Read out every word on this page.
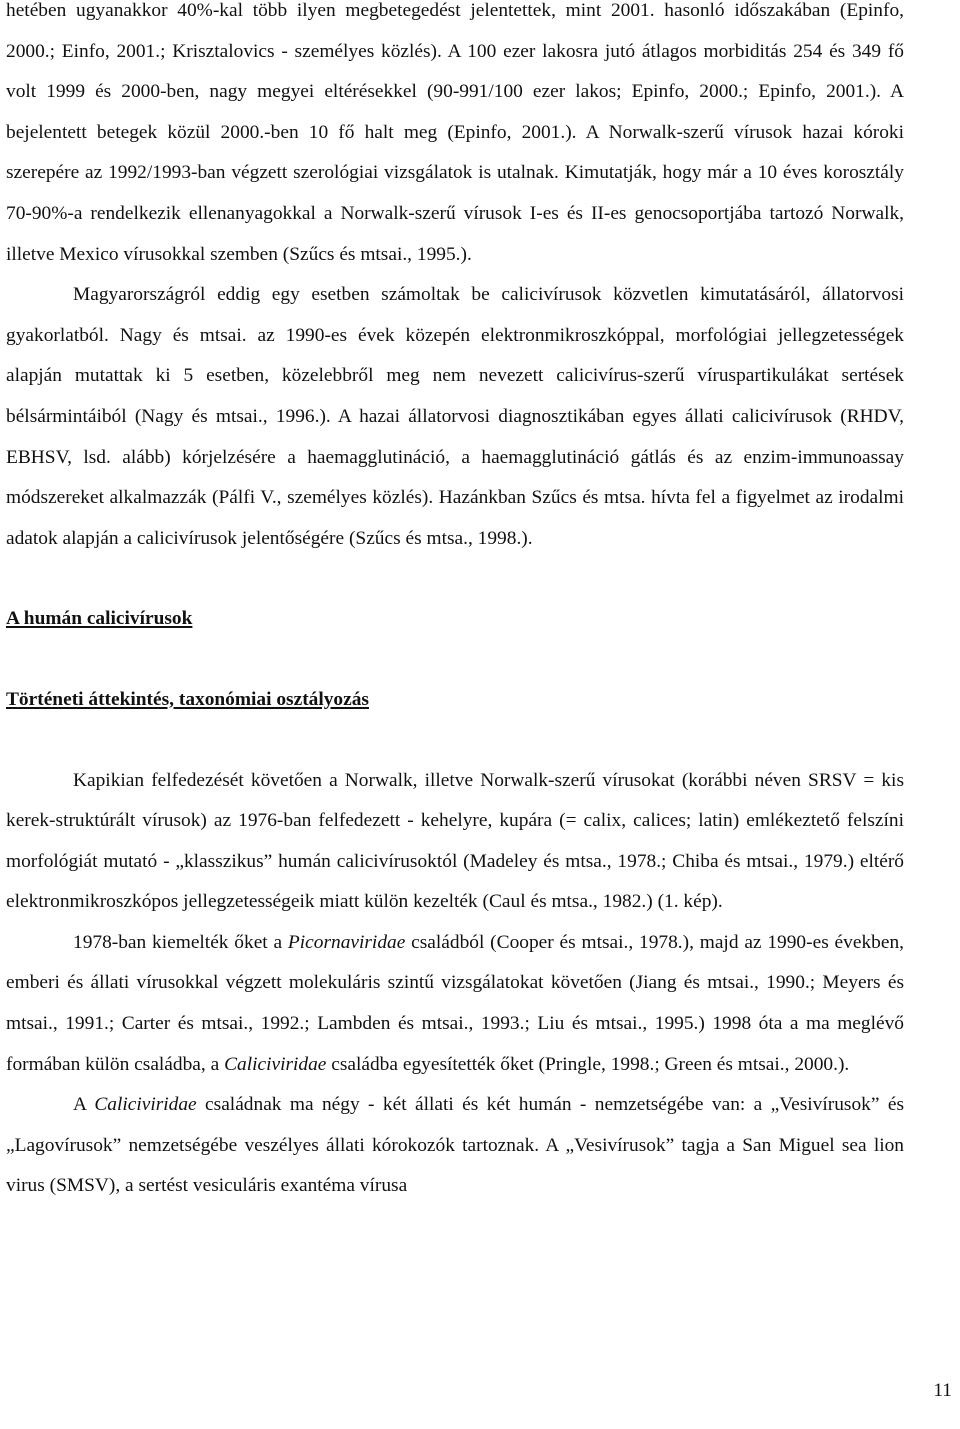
hetében ugyanakkor 40%-kal több ilyen megbetegedést jelentettek, mint 2001. hasonló időszakában (Epinfo, 2000.; Einfo, 2001.; Krisztalovics - személyes közlés). A 100 ezer lakosra jutó átlagos morbiditás 254 és 349 fő volt 1999 és 2000-ben, nagy megyei eltérésekkel (90-991/100 ezer lakos; Epinfo, 2000.; Epinfo, 2001.). A bejelentett betegek közül 2000.-ben 10 fő halt meg (Epinfo, 2001.). A Norwalk-szerű vírusok hazai kóroki szerepére az 1992/1993-ban végzett szerológiai vizsgálatok is utalnak. Kimutatják, hogy már a 10 éves korosztály 70-90%-a rendelkezik ellenanyagokkal a Norwalk-szerű vírusok I-es és II-es genocsoportjába tartozó Norwalk, illetve Mexico vírusokkal szemben (Szűcs és mtsai., 1995.).

Magyarországról eddig egy esetben számoltak be calicivírusok közvetlen kimutatásáról, állatorvosi gyakorlatból. Nagy és mtsai. az 1990-es évek közepén elektronmikroszkóppal, morfológiai jellegzetességek alapján mutattak ki 5 esetben, közelebbről meg nem nevezett calicivírus-szerű víruspartikulákat sertések bélsármintáiból (Nagy és mtsai., 1996.). A hazai állatorvosi diagnosztikában egyes állati calicivírusok (RHDV, EBHSV, lsd. alább) kórjelzésére a haemagglutináció, a haemagglutináció gátlás és az enzim-immunoassay módszereket alkalmazzák (Pálfi V., személyes közlés). Hazánkban Szűcs és mtsa. hívta fel a figyelmet az irodalmi adatok alapján a calicivírusok jelentőségére (Szűcs és mtsa., 1998.).

A humán calicivírusok
Történeti áttekintés, taxonómiai osztályozás

Kapikian felfedezését követően a Norwalk, illetve Norwalk-szerű vírusokat (korábbi néven SRSV = kis kerek-struktúrált vírusok) az 1976-ban felfedezett - kehelyre, kupára (= calix, calices; latin) emlékeztető felszíni morfológiát mutató - „klasszikus” humán calicivírusoktól (Madeley és mtsa., 1978.; Chiba és mtsai., 1979.) eltérő elektronmikroszkópos jellegzetességeik miatt külön kezelték (Caul és mtsa., 1982.) (1. kép).

1978-ban kiemelték őket a Picornaviridae családból (Cooper és mtsai., 1978.), majd az 1990-es években, emberi és állati vírusokkal végzett molekuláris szintű vizsgálatokat követően (Jiang és mtsai., 1990.; Meyers és mtsai., 1991.; Carter és mtsai., 1992.; Lambden és mtsai., 1993.; Liu és mtsai., 1995.) 1998 óta a ma meglévő formában külön családba, a Caliciviridae családba egyesítették őket (Pringle, 1998.; Green és mtsai., 2000.).

A Caliciviridae családnak ma négy - két állati és két humán - nemzetségébe van: a „Vesivírusok” és „Lagovírusok” nemzetségébe veszélyes állati kórokozók tartoznak. A „Vesivírusok” tagja a San Miguel sea lion virus (SMSV), a sertést vesiculáris exantéma vírusa

11
